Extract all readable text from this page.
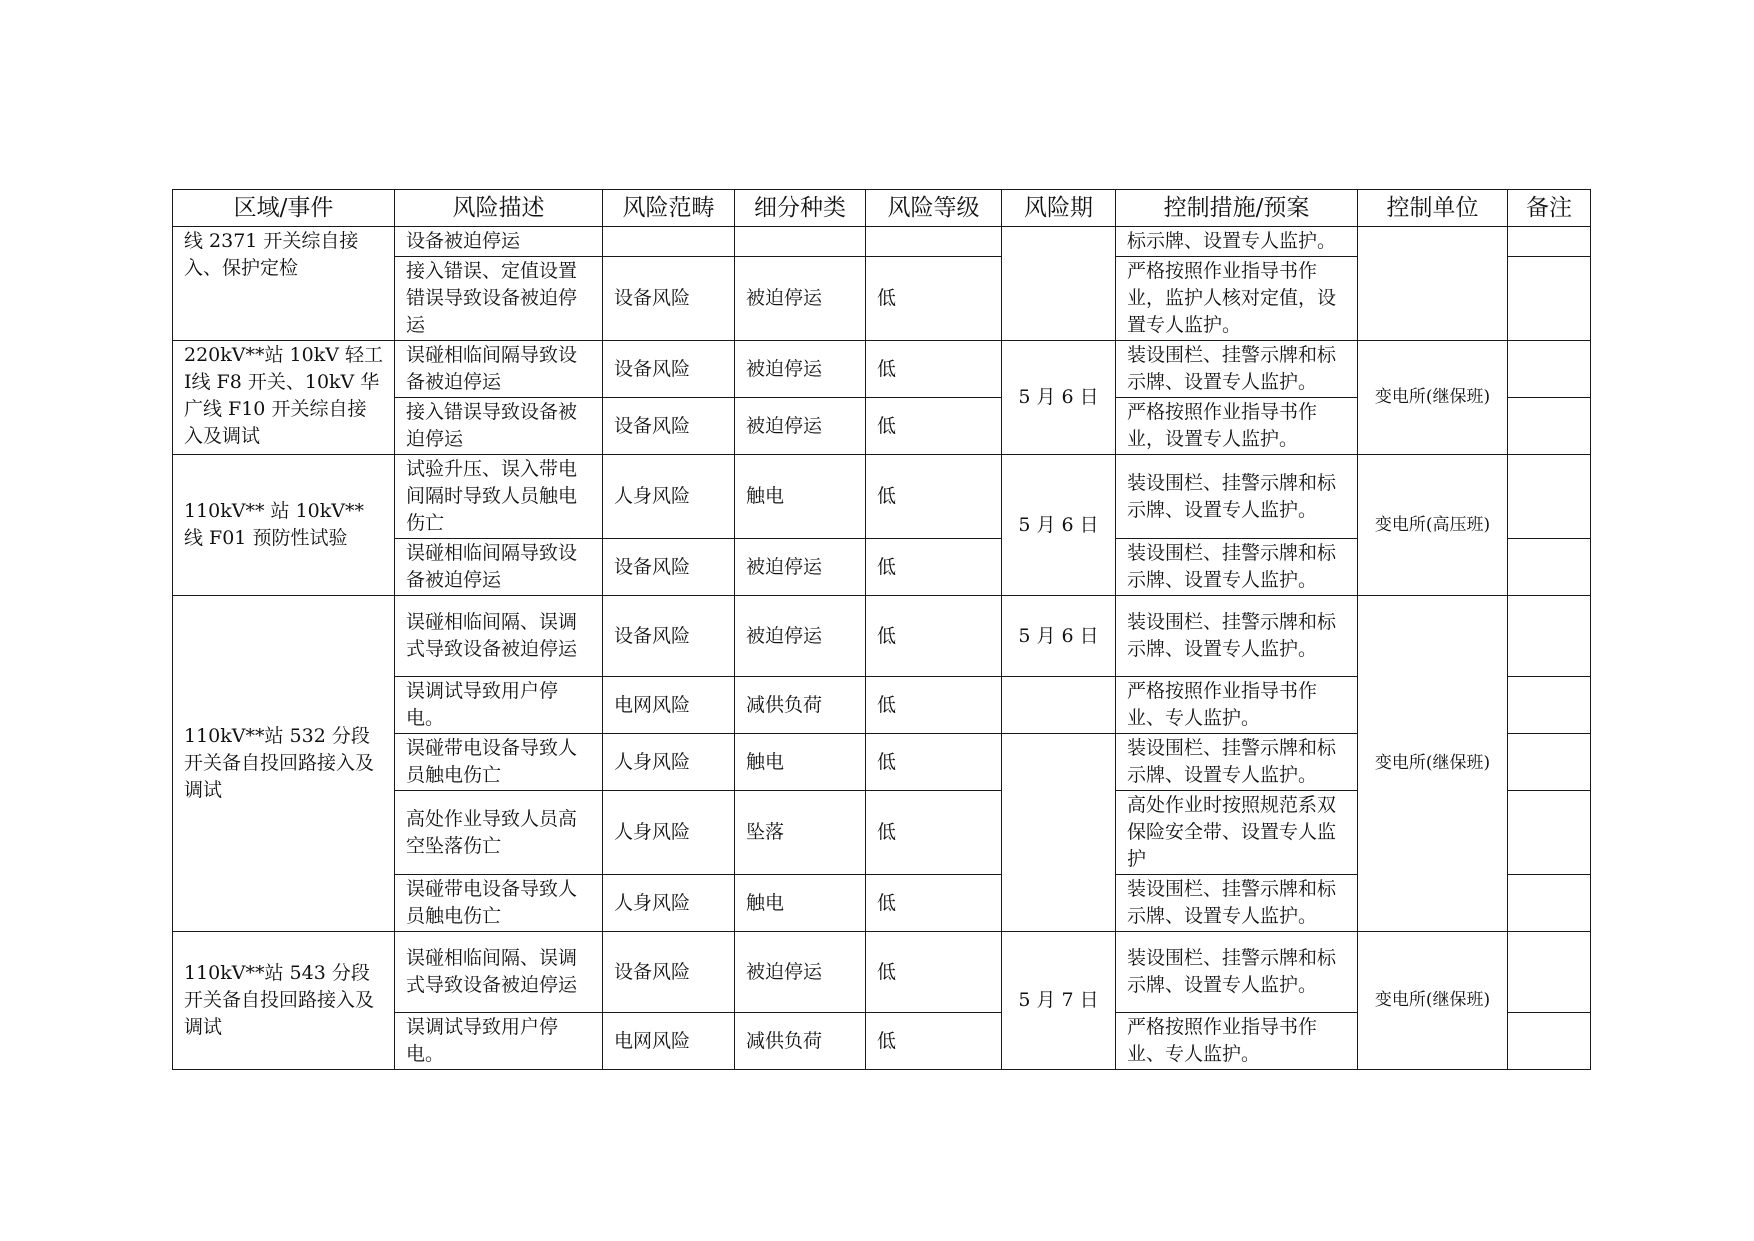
区域/事件	风险描述	风险范畴	细分种类	风险等级	风险期	控制措施/预案	控制单位	备注
线 2371 开关综自接入、保护定检	设备被迫停运					标示牌、设置专人监护。		
	接入错误、定值设置错误导致设备被迫停运	设备风险	被迫停运	低		严格按照作业指导书作业，监护人核对定值，设置专人监护。		
220kV**站 10kV 轻工Ⅰ线 F8 开关、10kV 华广线 F10 开关综自接入及调试	误碰相临间隔导致设备被迫停运	设备风险	被迫停运	低	5 月 6 日	装设围栏、挂警示牌和标示牌、设置专人监护。	变电所(继保班)	
	接入错误导致设备被迫停运	设备风险	被迫停运	低		严格按照作业指导书作业，设置专人监护。		
110kV** 站 10kV** 线 F01 预防性试验	试验升压、误入带电间隔时导致人员触电伤亡	人身风险	触电	低	5 月 6 日	装设围栏、挂警示牌和标示牌、设置专人监护。	变电所(高压班)	
	误碰相临间隔导致设备被迫停运	设备风险	被迫停运	低		装设围栏、挂警示牌和标示牌、设置专人监护。		
110kV**站 532 分段开关备自投回路接入及调试	误碰相临间隔、误调式导致设备被迫停运	设备风险	被迫停运	低	5 月 6 日	装设围栏、挂警示牌和标示牌、设置专人监护。	变电所(继保班)	
	误调试导致用户停电。	电网风险	减供负荷	低		严格按照作业指导书作业、专人监护。		
	误碰带电设备导致人员触电伤亡	人身风险	触电	低		装设围栏、挂警示牌和标示牌、设置专人监护。		
	高处作业导致人员高空坠落伤亡	人身风险	坠落	低		高处作业时按照规范系双保险安全带、设置专人监护		
	误碰带电设备导致人员触电伤亡	人身风险	触电	低		装设围栏、挂警示牌和标示牌、设置专人监护。		
110kV**站 543 分段开关备自投回路接入及调试	误碰相临间隔、误调式导致设备被迫停运	设备风险	被迫停运	低	5 月 7 日	装设围栏、挂警示牌和标示牌、设置专人监护。	变电所(继保班)	
	误调试导致用户停电。	电网风险	减供负荷	低		严格按照作业指导书作业、专人监护。		
